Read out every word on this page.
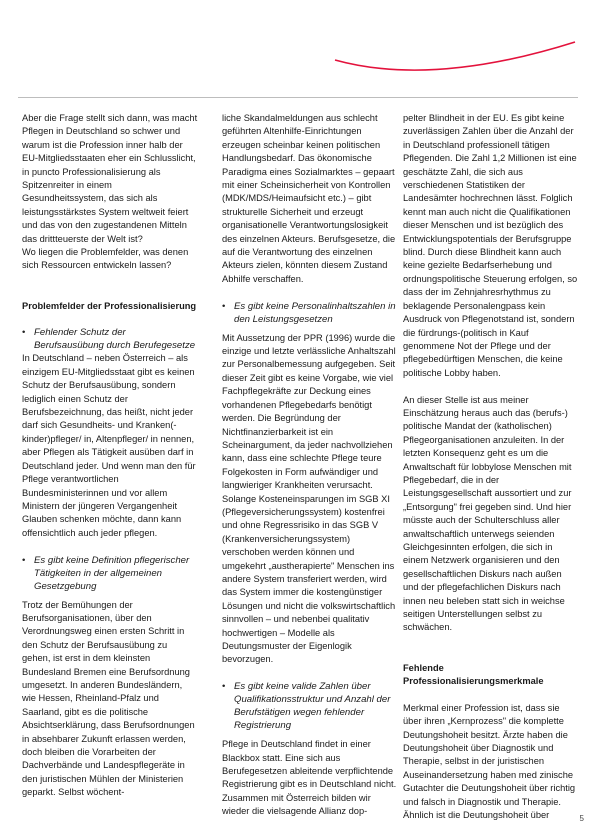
Aber die Frage stellt sich dann, was macht Pflegen in Deutschland so schwer und warum ist die Profession inner halb der EU-Mitgliedsstaaten eher ein Schlusslicht, in puncto Professionalisierung als Spitzenreiter in einem Gesundheitssystem, das sich als leistungsstärkstes System weltweit feiert und das von den zugestandenen Mitteln das drittteuerste der Welt ist?

Wo liegen die Problemfelder, was denen sich Ressourcen entwickeln lassen?

Problemfelder der Professionalisierung

• Fehlender Schutz der Berufsausübung durch Berufegesetze

In Deutschland – neben Österreich – als einzigem EU-Mitgliedsstaat gibt es keinen Schutz der Berufsausübung, sondern lediglich einen Schutz der Berufsbezeichnung, das heißt, nicht jeder darf sich Gesundheits- und Kranken(-kinder)pfleger/ in, Altenpfleger/ in nennen, aber Pflegen als Tätigkeit ausüben darf in Deutschland jeder. Und wenn man den für Pflege verantwortlichen Bundesministerinnen und vor allem Ministern der jüngeren Vergangenheit Glauben schenken möchte, dann kann offensichtlich auch jeder pflegen.

• Es gibt keine Definition pflegerischer Tätigkeiten in der allgemeinen Gesetzgebung

Trotz der Bemühungen der Berufsorganisationen, über den Verordnungsweg einen ersten Schritt in den Schutz der Berufsausübung zu gehen, ist erst in dem kleinsten Bundesland Bremen eine Berufsordnung umgesetzt. In anderen Bundesländern, wie Hessen, Rheinland-Pfalz und Saarland, gibt es die politische Absichtserklärung, dass Berufsordnungen in absehbarer Zukunft erlassen werden, doch bleiben die Vorarbeiten der Dachverbände und Landespflegeräte in den juristischen Mühlen der Ministerien geparkt. Selbst wöchent-

liche Skandalmeldungen aus schlecht geführten Altenhilfe-Einrichtungen erzeugen scheinbar keinen politischen Handlungsbedarf. Das ökonomische Paradigma eines Sozialmarktes – gepaart mit einer Scheinsicherheit von Kontrollen (MDK/MDS/Heimaufsicht etc.) – gibt strukturelle Sicherheit und erzeugt organisationelle Verantwortungslosigkeit des einzelnen Akteurs. Berufsgesetze, die auf die Verantwortung des einzelnen Akteurs zielen, könnten diesem Zustand Abhilfe verschaffen.

• Es gibt keine Personalinhaltszahlen in den Leistungsgesetzen

Mit Aussetzung der PPR (1996) wurde die einzige und letzte verlässliche Anhaltszahl zur Personalbemessung aufgegeben. Seit dieser Zeit gibt es keine Vorgabe, wie viel Fachpflegekräfte zur Deckung eines vorhandenen Pflegebedarfs benötigt werden. Die Begründung der Nichtfinanzierbarkeit ist ein Scheinargument, da jeder nachvollziehen kann, dass eine schlechte Pflege teure Folgekosten in Form aufwändiger und langwieriger Krankheiten verursacht. Solange Kosteneinsparungen im SGB XI (Pflegeversicherungssystem) kostenfrei und ohne Regressrisiko in das SGB V (Krankenversicherungssystem) verschoben werden können und umgekehrt „austherapierte" Menschen ins andere System transferiert werden, wird das System immer die kostengünstiger Lösungen und nicht die volkswirtschaftlich sinnvollen – und nebenbei qualitativ hochwertigen – Modelle als Deutungsmuster der Eigenlogik bevorzugen.

• Es gibt keine valide Zahlen über Qualifikationsstruktur und Anzahl der Berufstätigen wegen fehlender Registrierung

Pflege in Deutschland findet in einer Blackbox statt. Eine sich aus Berufegesetzen ableitende verpflichtende Registrierung gibt es in Deutschland nicht. Zusammen mit Österreich bilden wir wieder die vielsagende Allianz dop-

pelter Blindheit in der EU. Es gibt keine zuverlässigen Zahlen über die Anzahl der in Deutschland professionell tätigen Pflegenden. Die Zahl 1,2 Millionen ist eine geschätzte Zahl, die sich aus verschiedenen Statistiken der Landesämter hochrechnen lässt. Folglich kennt man auch nicht die Qualifikationen dieser Menschen und ist bezüglich des Entwicklungspotentials der Berufsgruppe blind. Durch diese Blindheit kann auch keine gezielte Bedarfserhebung und ordnungspolitische Steuerung erfolgen, so dass der im Zehnjahresrhythmus zu beklagende Personalengpass kein Ausdruck von Pflegenotstand ist, sondern die fürdrungs-(politisch in Kauf genommene Not der Pflege und der pflegebedürftigen Menschen, die keine politische Lobby haben.

An dieser Stelle ist aus meiner Einschätzung heraus auch das (berufs-) politische Mandat der (katholischen) Pflegeorganisationen anzuleiten. In der letzten Konsequenz geht es um die Anwaltschaft für lobbylose Menschen mit Pflegebedarf, die in der Leistungsgesellschaft aussortiert und zur „Entsorgung" frei gegeben sind. Und hier müsste auch der Schulterschluss aller anwaltschaftlich unterwegs seienden Gleichgesinnten erfolgen, die sich in einem Netzwerk organisieren und den gesellschaftlichen Diskurs nach außen und der pflegefachlichen Diskurs nach innen neu beleben statt sich in weichse seitigen Unterstellungen selbst zu schwächen.

Fehlende Professionalisierungsmerkmale

Merkmal einer Profession ist, dass sie über ihren „Kernprozess" die komplette Deutungshoheit besitzt. Ärzte haben die Deutungshoheit über Diagnostik und Therapie, selbst in der juristischen Auseinandersetzung haben med zinische Gutachter die Deutungshoheit über richtig und falsch in Diagnostik und Therapie. Ähnlich ist die Deutungshoheit über	5
